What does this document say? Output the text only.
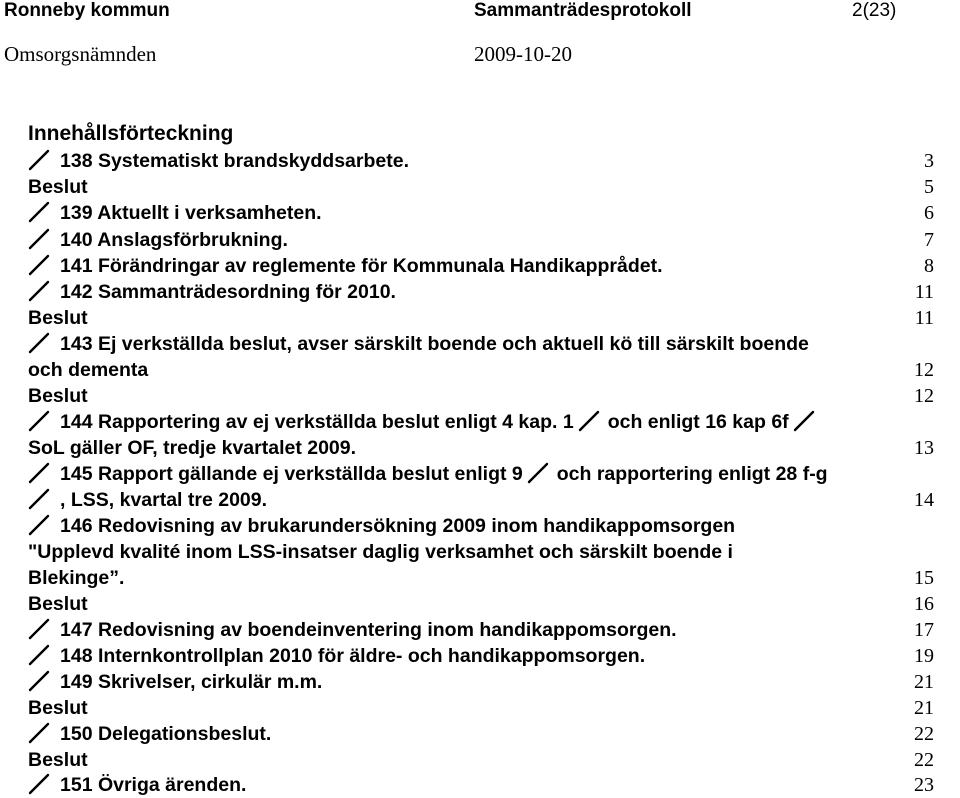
Ronneby kommun	Sammanträdesprotokoll	2(23)
Omsorgsnämnden	2009-10-20
Innehållsförteckning
138 Systematiskt brandskyddsarbete.	3
Beslut	5
139 Aktuellt i verksamheten.	6
140 Anslagsförbrukning.	7
141 Förändringar av reglemente för Kommunala Handikapprådet.	8
142 Sammanträdesordning för 2010.	11
Beslut	11
143 Ej verkställda beslut, avser särskilt boende och aktuell kö till särskilt boende
och dementa	12
Beslut	12
144 Rapportering av ej verkställda beslut enligt 4 kap. 1 och enligt 16 kap 6f
SoL gäller OF, tredje kvartalet 2009.	13
145 Rapport gällande ej verkställda beslut enligt 9 och rapportering enligt 28 f-g
, LSS, kvartal tre 2009.	14
146 Redovisning av brukarundersökning 2009 inom handikappomsorgen
"Upplevd kvalité inom LSS-insatser daglig verksamhet och särskilt boende i
Blekinge”.	15
Beslut	16
147 Redovisning av boendeinventering inom handikappomsorgen.	17
148 Internkontrollplan 2010 för äldre- och handikappomsorgen.	19
149 Skrivelser, cirkulär m.m.	21
Beslut	21
150 Delegationsbeslut.	22
Beslut	22
151 Övriga ärenden.	23
